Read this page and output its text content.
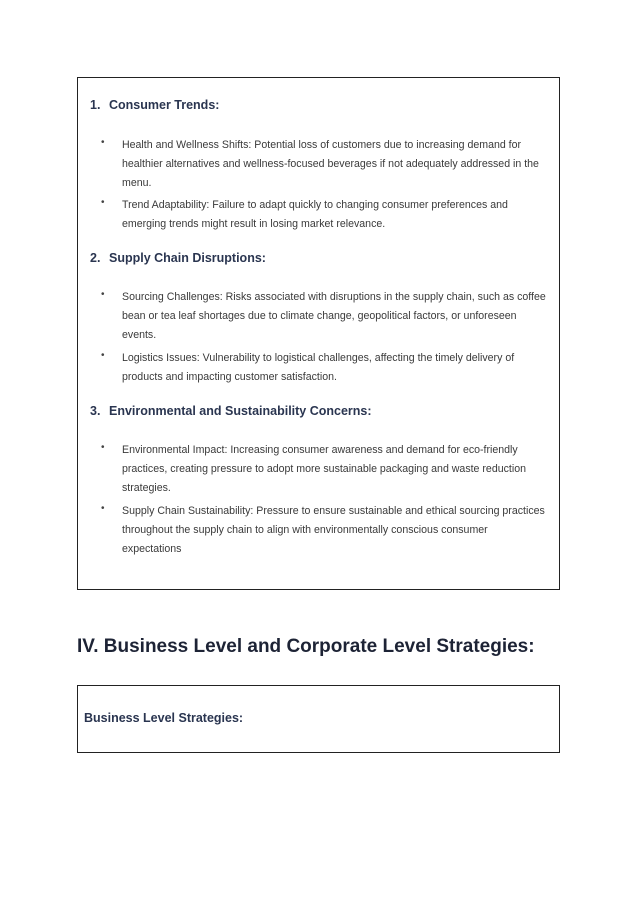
1. Consumer Trends:
• Health and Wellness Shifts: Potential loss of customers due to increasing demand for healthier alternatives and wellness-focused beverages if not adequately addressed in the menu.
• Trend Adaptability: Failure to adapt quickly to changing consumer preferences and emerging trends might result in losing market relevance.
2. Supply Chain Disruptions:
• Sourcing Challenges: Risks associated with disruptions in the supply chain, such as coffee bean or tea leaf shortages due to climate change, geopolitical factors, or unforeseen events.
• Logistics Issues: Vulnerability to logistical challenges, affecting the timely delivery of products and impacting customer satisfaction.
3. Environmental and Sustainability Concerns:
• Environmental Impact: Increasing consumer awareness and demand for eco-friendly practices, creating pressure to adopt more sustainable packaging and waste reduction strategies.
• Supply Chain Sustainability: Pressure to ensure sustainable and ethical sourcing practices throughout the supply chain to align with environmentally conscious consumer expectations
IV. Business Level and Corporate Level Strategies:
Business Level Strategies:
